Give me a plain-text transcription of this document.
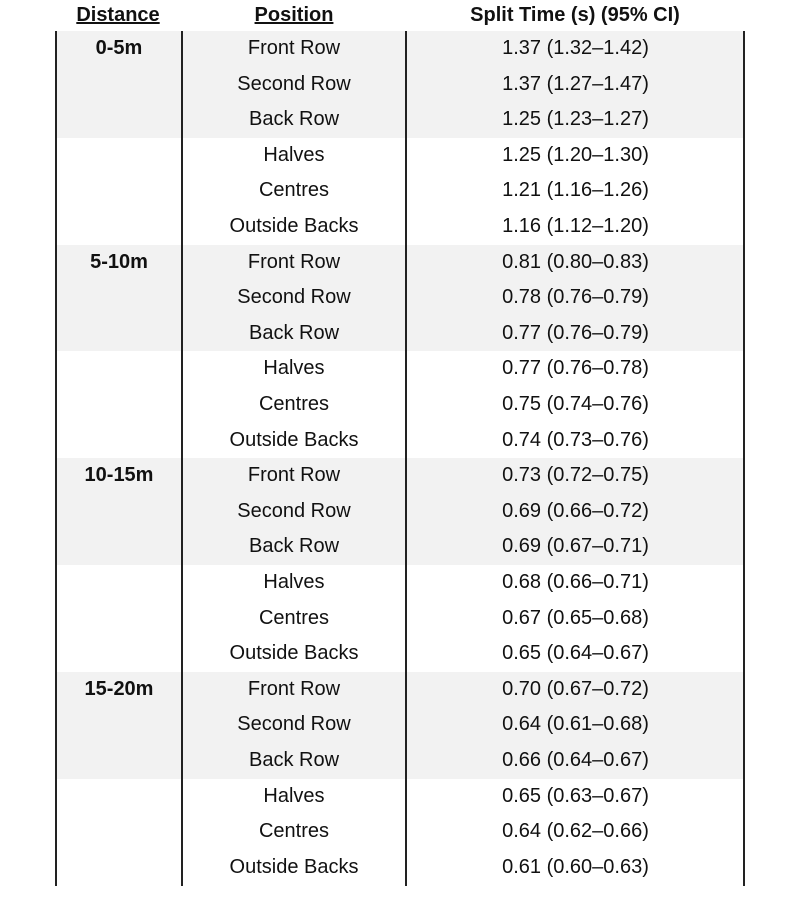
Distance	Position	Split Time (s) (95% CI)
0-5m	Front Row	1.37 (1.32–1.42)
Second Row	1.37 (1.27–1.47)
Back Row	1.25 (1.23–1.27)
Halves	1.25 (1.20–1.30)
Centres	1.21 (1.16–1.26)
Outside Backs	1.16 (1.12–1.20)
5-10m	Front Row	0.81 (0.80–0.83)
Second Row	0.78 (0.76–0.79)
Back Row	0.77 (0.76–0.79)
Halves	0.77 (0.76–0.78)
Centres	0.75 (0.74–0.76)
Outside Backs	0.74 (0.73–0.76)
10-15m	Front Row	0.73 (0.72–0.75)
Second Row	0.69 (0.66–0.72)
Back Row	0.69 (0.67–0.71)
Halves	0.68 (0.66–0.71)
Centres	0.67 (0.65–0.68)
Outside Backs	0.65 (0.64–0.67)
15-20m	Front Row	0.70 (0.67–0.72)
Second Row	0.64 (0.61–0.68)
Back Row	0.66 (0.64–0.67)
Halves	0.65 (0.63–0.67)
Centres	0.64 (0.62–0.66)
Outside Backs	0.61 (0.60–0.63)
